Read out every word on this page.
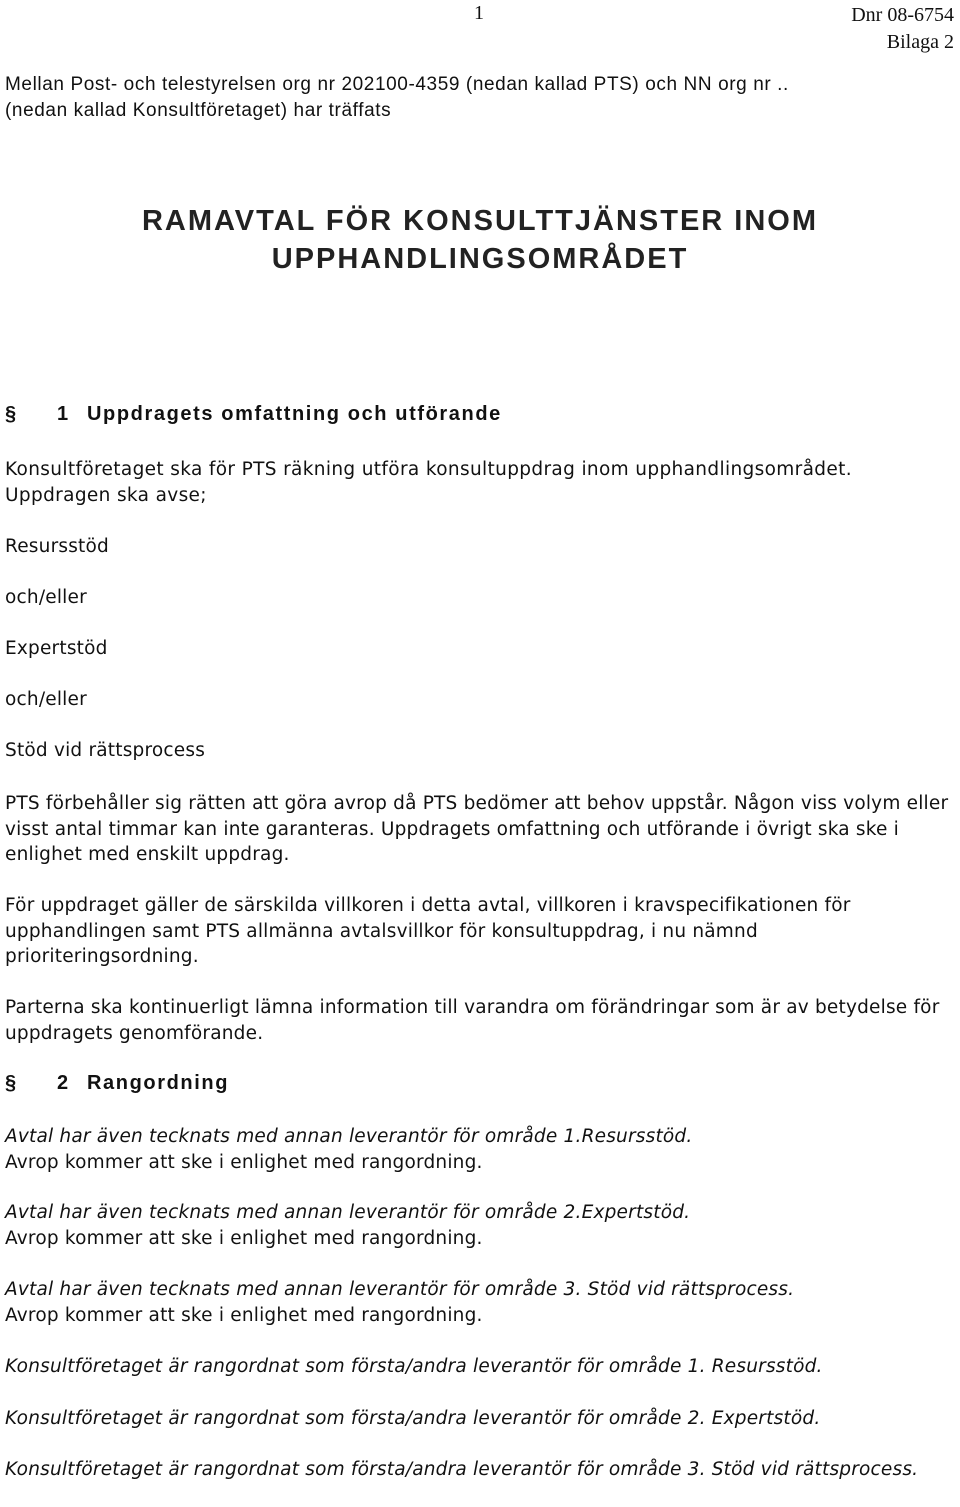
1	Dnr 08-6754
Bilaga 2
Mellan Post- och telestyrelsen org nr 202100-4359 (nedan kallad PTS) och NN org nr ..
(nedan kallad Konsultföretaget) har träffats
RAMAVTAL FÖR KONSULTTJÄNSTER INOM
UPPHANDLINGSOMRÅDET
§ 1 Uppdragets omfattning och utförande
Konsultföretaget ska för PTS räkning utföra konsultuppdrag inom upphandlingsområdet. Uppdragen ska avse;
Resursstöd
och/eller
Expertstöd
och/eller
Stöd vid rättsprocess
PTS förbehåller sig rätten att göra avrop då PTS bedömer att behov uppstår. Någon viss volym eller visst antal timmar kan inte garanteras. Uppdragets omfattning och utförande i övrigt ska ske i enlighet med enskilt uppdrag.
För uppdraget gäller de särskilda villkoren i detta avtal, villkoren i kravspecifikationen för upphandlingen samt PTS allmänna avtalsvillkor för konsultuppdrag, i nu nämnd prioriteringsordning.
Parterna ska kontinuerligt lämna information till varandra om förändringar som är av betydelse för uppdragets genomförande.
§ 2 Rangordning
Avtal har även tecknats med annan leverantör för område 1.Resursstöd.
Avrop kommer att ske i enlighet med rangordning.
Avtal har även tecknats med annan leverantör för område 2.Expertstöd.
Avrop kommer att ske i enlighet med rangordning.
Avtal har även tecknats med annan leverantör för område 3. Stöd vid rättsprocess.
Avrop kommer att ske i enlighet med rangordning.
Konsultföretaget är rangordnat som första/andra leverantör för område 1. Resursstöd.
Konsultföretaget är rangordnat som första/andra leverantör för område 2. Expertstöd.
Konsultföretaget är rangordnat som första/andra leverantör för område 3. Stöd vid rättsprocess.
